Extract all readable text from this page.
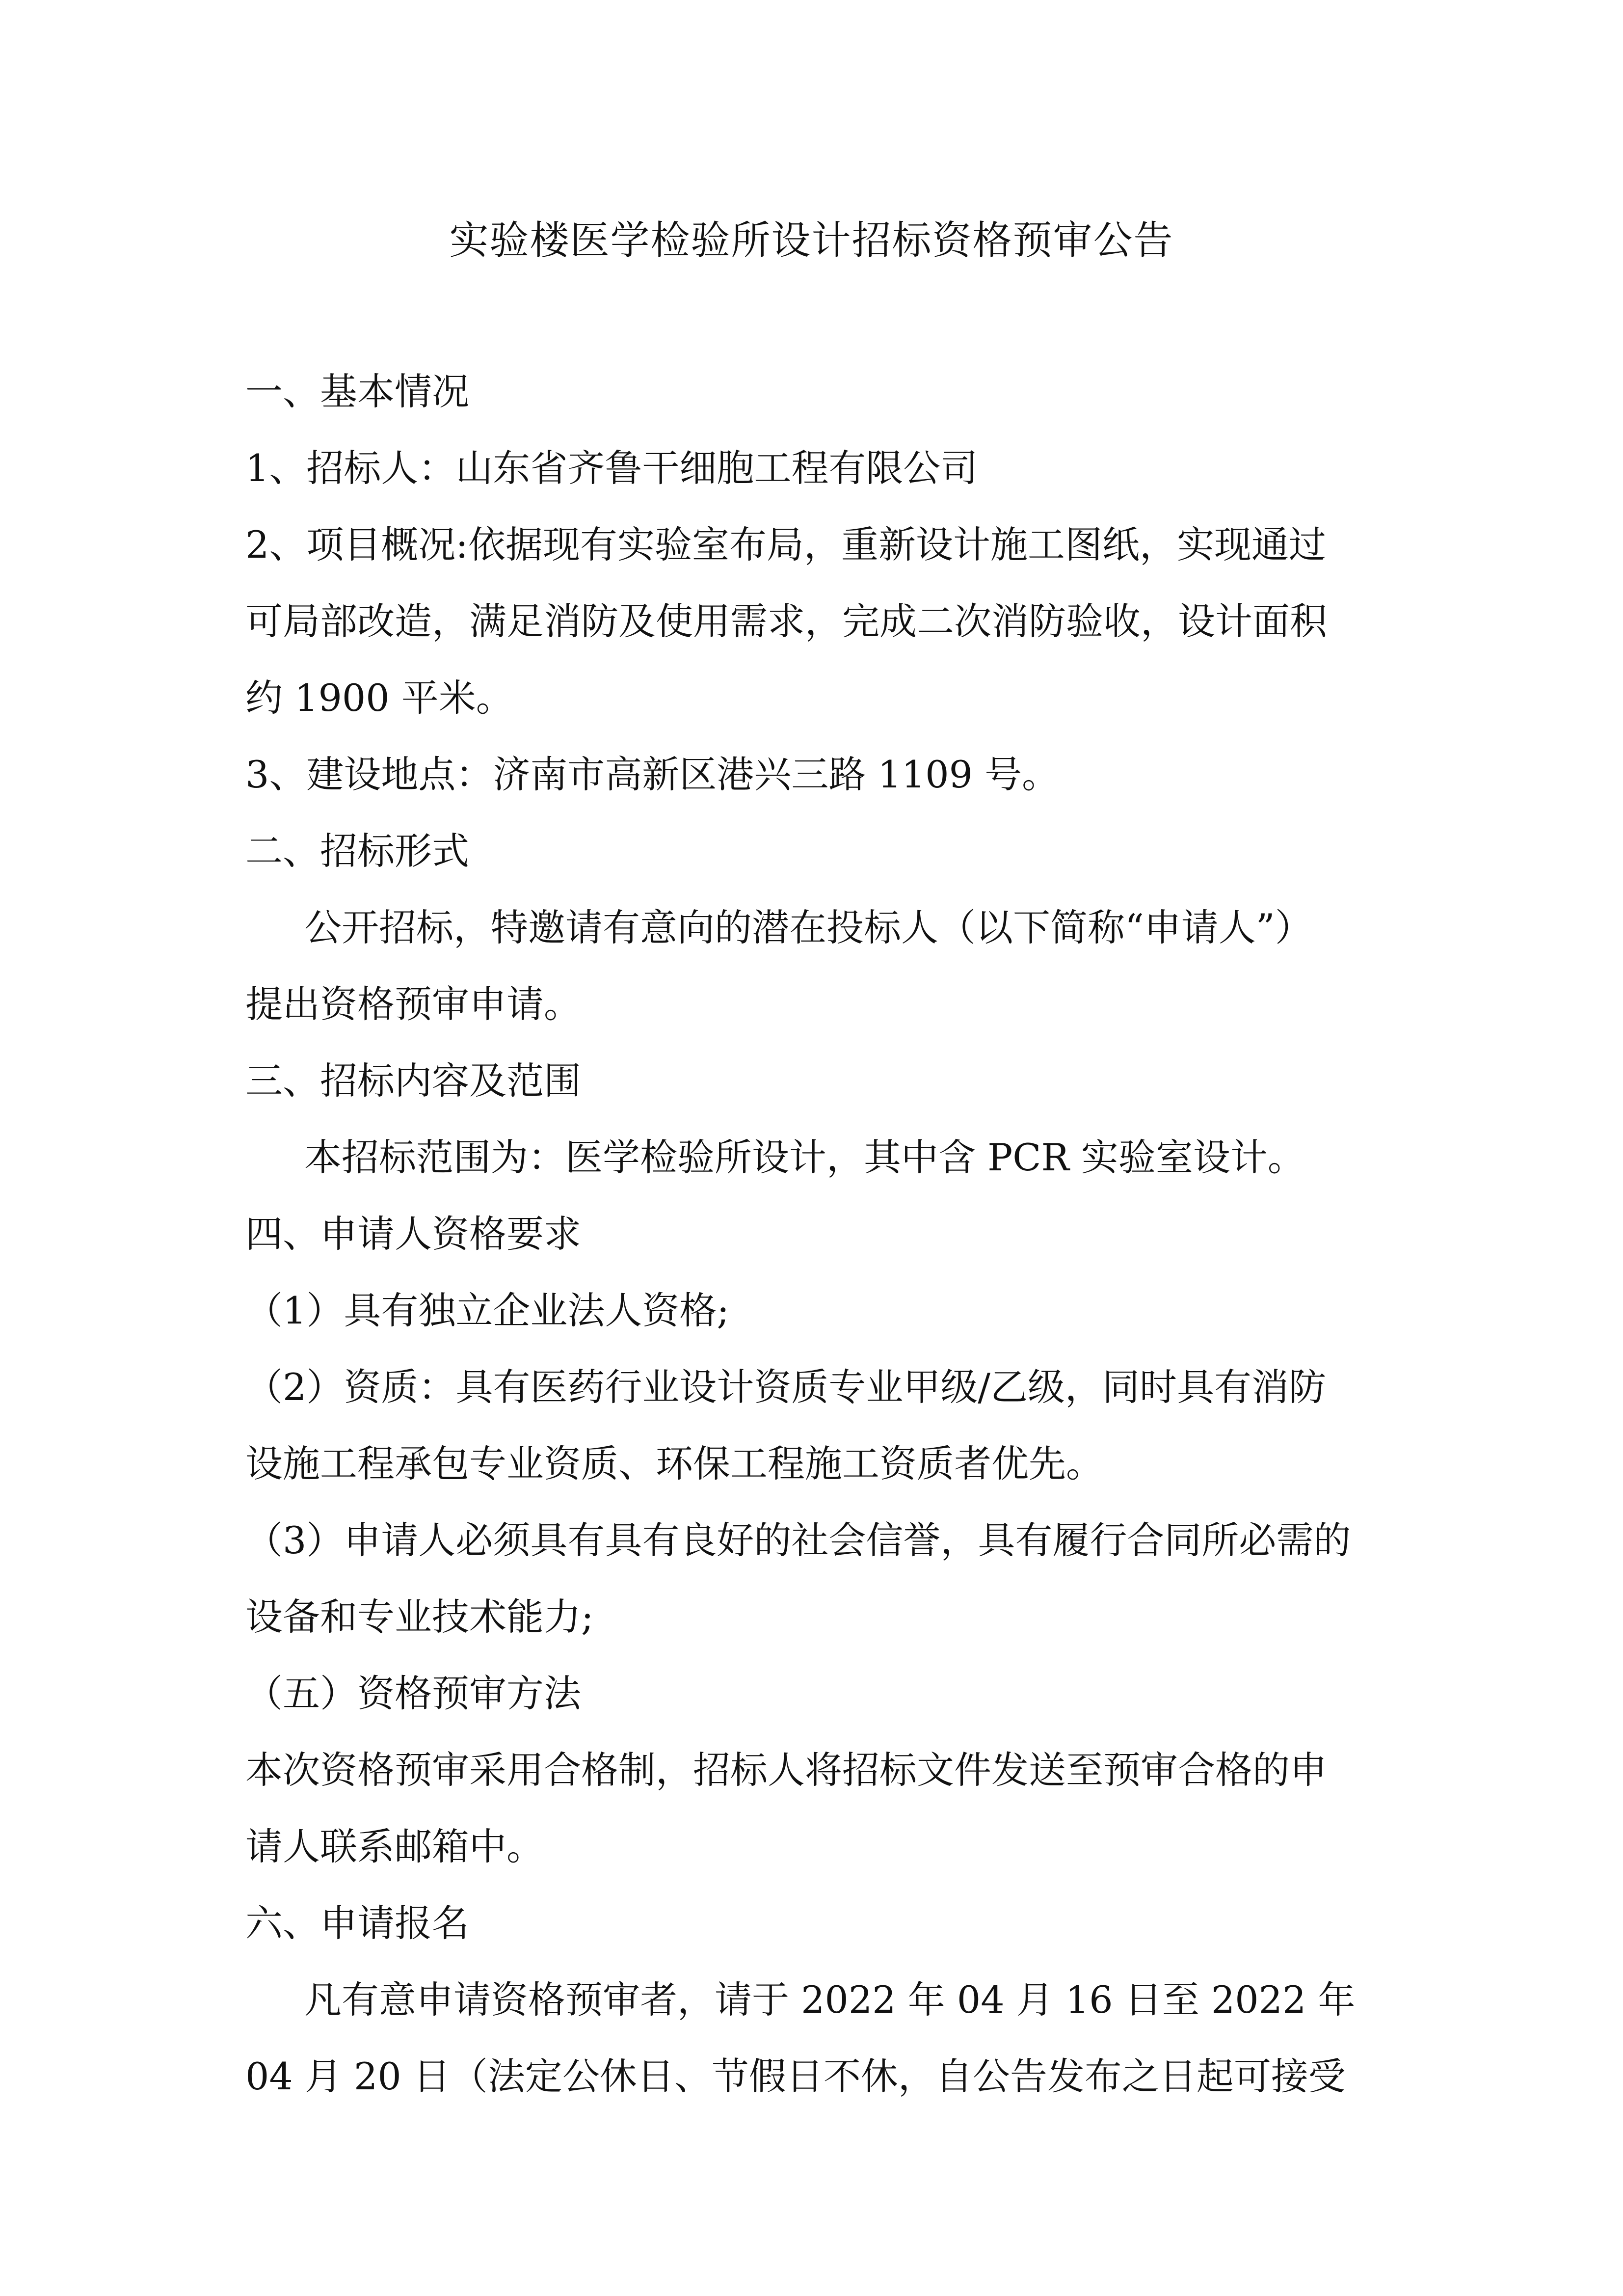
实验楼医学检验所设计招标资格预审公告
一、基本情况
1、招标人：山东省齐鲁干细胞工程有限公司
2、项目概况:依据现有实验室布局，重新设计施工图纸，实现通过
可局部改造，满足消防及使用需求，完成二次消防验收，设计面积
约 1900 平米。
3、建设地点：济南市高新区港兴三路 1109 号。
二、招标形式
公开招标，特邀请有意向的潜在投标人（以下简称“申请人”）
提出资格预审申请。
三、招标内容及范围
本招标范围为：医学检验所设计，其中含 PCR 实验室设计。
四、申请人资格要求
（1）具有独立企业法人资格;
（2）资质：具有医药行业设计资质专业甲级/乙级，同时具有消防
设施工程承包专业资质、环保工程施工资质者优先。
（3）申请人必须具有具有良好的社会信誉，具有履行合同所必需的
设备和专业技术能力;
（五）资格预审方法
本次资格预审采用合格制，招标人将招标文件发送至预审合格的申
请人联系邮箱中。
六、申请报名
凡有意申请资格预审者，请于 2022 年 04 月 16 日至 2022 年
04 月 20 日（法定公休日、节假日不休，自公告发布之日起可接受
